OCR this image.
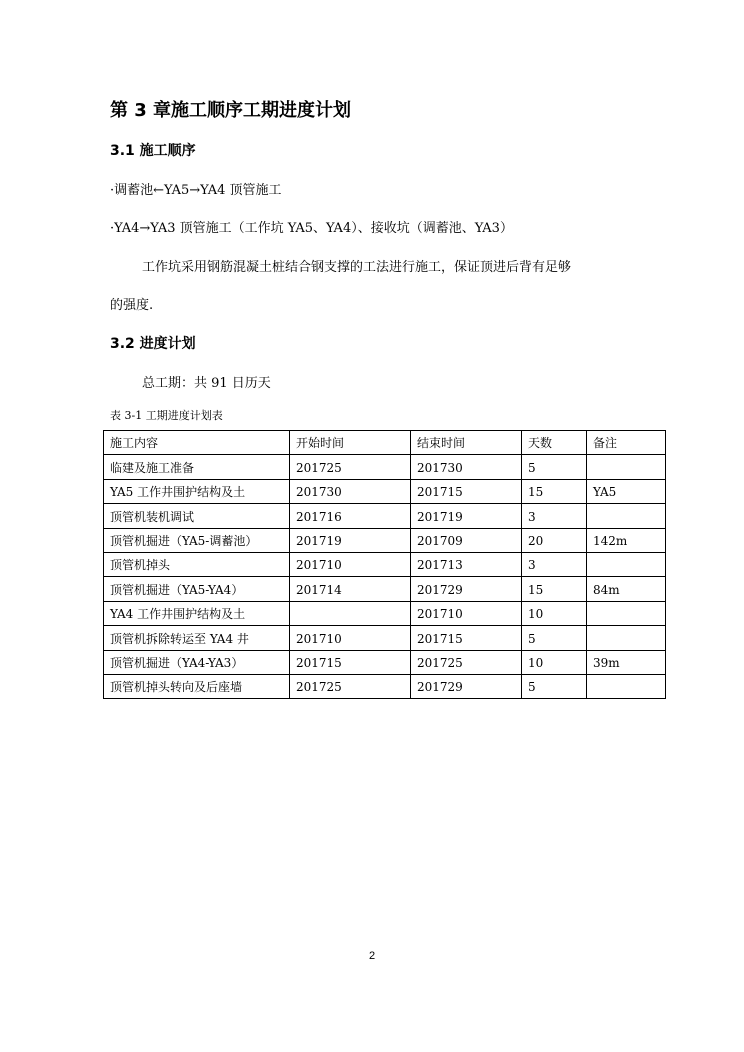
第 3 章施工顺序工期进度计划
3.1 施工顺序
·调蓄池←YA5→YA4 顶管施工
·YA4→YA3 顶管施工（工作坑 YA5、YA4）、接收坑（调蓄池、YA3）
工作坑采用钢筋混凝土桩结合钢支撑的工法进行施工，保证顶进后背有足够
的强度.
3.2 进度计划
总工期：共 91 日历天
表 3-1 工期进度计划表
施工内容	开始时间	结束时间	天数	备注
临建及施工准备	201725	201730	5	
YA5 工作井围护结构及土	201730	201715	15	YA5
顶管机装机调试	201716	201719	3	
顶管机掘进（YA5-调蓄池）	201719	201709	20	142m
顶管机掉头	201710	201713	3	
顶管机掘进（YA5-YA4）	201714	201729	15	84m
YA4 工作井围护结构及土		201710	10	
顶管机拆除转运至 YA4 井	201710	201715	5	
顶管机掘进（YA4-YA3）	201715	201725	10	39m
顶管机掉头转向及后座墙	201725	201729	5	
2
